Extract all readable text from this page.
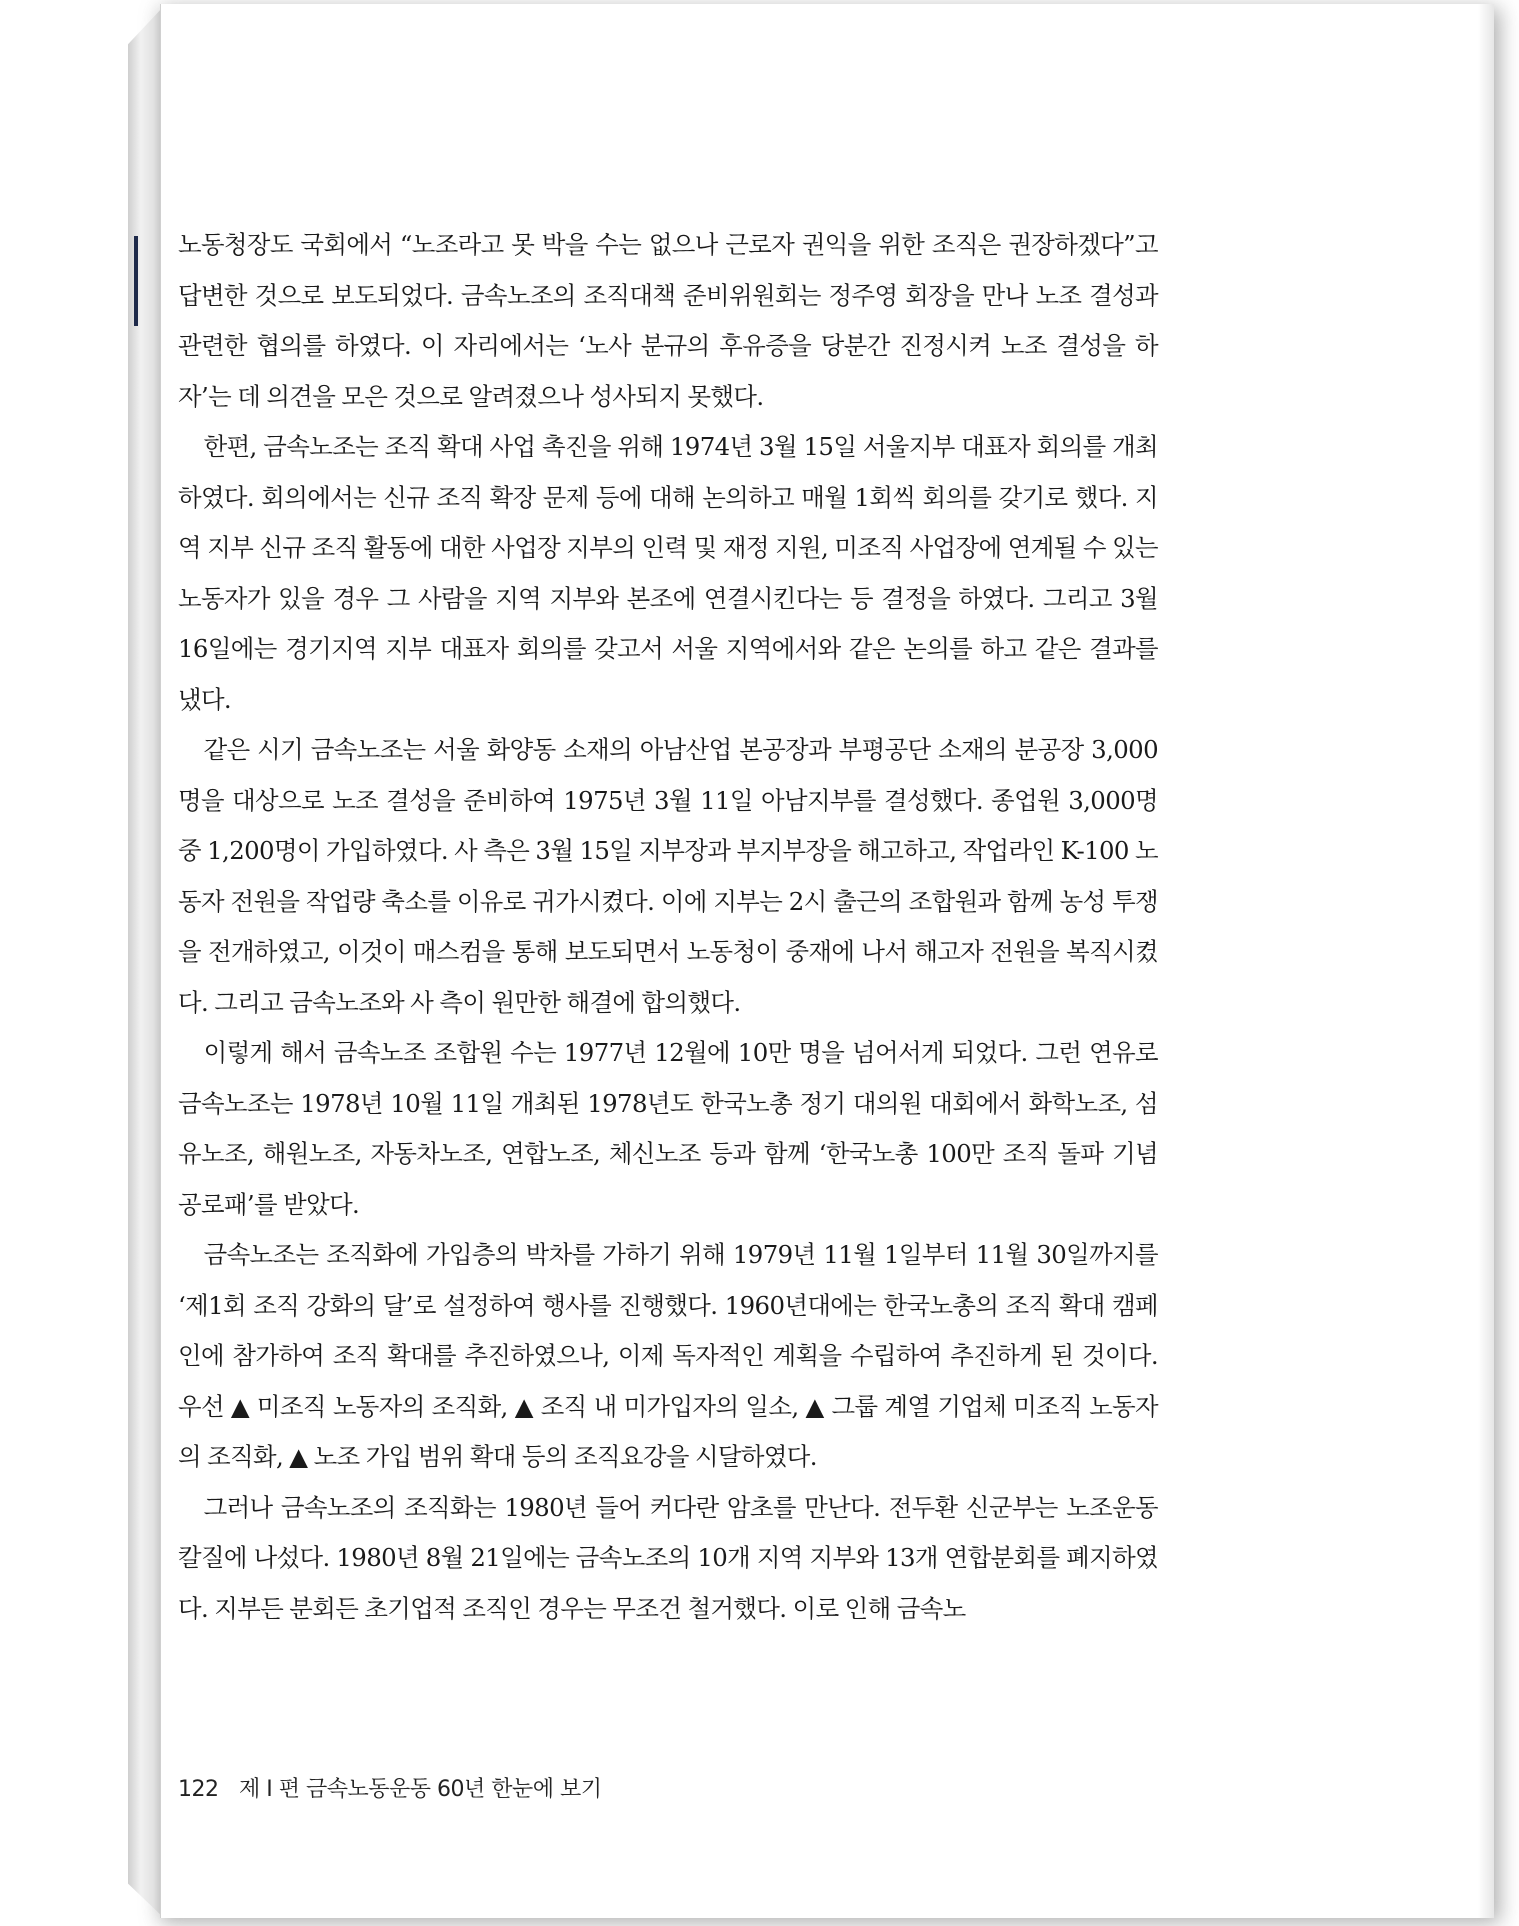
노동청장도 국회에서 “노조라고 못 박을 수는 없으나 근로자 권익을 위한 조직은 권장하겠다”고 답변한 것으로 보도되었다. 금속노조의 조직대책 준비위원회는 정주영 회장을 만나 노조 결성과 관련한 협의를 하였다. 이 자리에서는 ‘노사 분규의 후유증을 당분간 진정시켜 노조 결성을 하자’는 데 의견을 모은 것으로 알려졌으나 성사되지 못했다.

한편, 금속노조는 조직 확대 사업 촉진을 위해 1974년 3월 15일 서울지부 대표자 회의를 개최하였다. 회의에서는 신규 조직 확장 문제 등에 대해 논의하고 매월 1회씩 회의를 갖기로 했다. 지역 지부 신규 조직 활동에 대한 사업장 지부의 인력 및 재정 지원, 미조직 사업장에 연계될 수 있는 노동자가 있을 경우 그 사람을 지역 지부와 본조에 연결시킨다는 등 결정을 하였다. 그리고 3월 16일에는 경기지역 지부 대표자 회의를 갖고서 서울 지역에서와 같은 논의를 하고 같은 결과를 냈다.

같은 시기 금속노조는 서울 화양동 소재의 아남산업 본공장과 부평공단 소재의 분공장 3,000명을 대상으로 노조 결성을 준비하여 1975년 3월 11일 아남지부를 결성했다. 종업원 3,000명 중 1,200명이 가입하였다. 사 측은 3월 15일 지부장과 부지부장을 해고하고, 작업라인 K-100 노동자 전원을 작업량 축소를 이유로 귀가시켰다. 이에 지부는 2시 출근의 조합원과 함께 농성 투쟁을 전개하였고, 이것이 매스컴을 통해 보도되면서 노동청이 중재에 나서 해고자 전원을 복직시켰다. 그리고 금속노조와 사 측이 원만한 해결에 합의했다.

이렇게 해서 금속노조 조합원 수는 1977년 12월에 10만 명을 넘어서게 되었다. 그런 연유로 금속노조는 1978년 10월 11일 개최된 1978년도 한국노총 정기 대의원 대회에서 화학노조, 섬유노조, 해원노조, 자동차노조, 연합노조, 체신노조 등과 함께 ‘한국노총 100만 조직 돌파 기념 공로패’를 받았다.

금속노조는 조직화에 가입층의 박차를 가하기 위해 1979년 11월 1일부터 11월 30일까지를 ‘제1회 조직 강화의 달’로 설정하여 행사를 진행했다. 1960년대에는 한국노총의 조직 확대 캠페인에 참가하여 조직 확대를 추진하였으나, 이제 독자적인 계획을 수립하여 추진하게 된 것이다. 우선 ▲ 미조직 노동자의 조직화, ▲ 조직 내 미가입자의 일소, ▲ 그룹 계열 기업체 미조직 노동자의 조직화, ▲ 노조 가입 범위 확대 등의 조직요강을 시달하였다.

그러나 금속노조의 조직화는 1980년 들어 커다란 암초를 만난다. 전두환 신군부는 노조운동 칼질에 나섰다. 1980년 8월 21일에는 금속노조의 10개 지역 지부와 13개 연합분회를 폐지하였다. 지부든 분회든 초기업적 조직인 경우는 무조건 철거했다. 이로 인해 금속노

122 제 I 편 금속노동운동 60년 한눈에 보기
